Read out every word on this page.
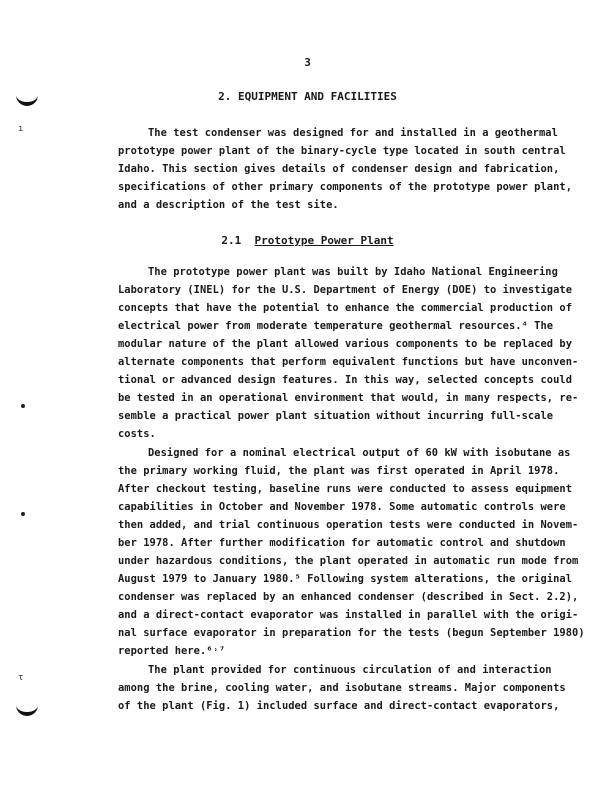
ı
τ
3
2. EQUIPMENT AND FACILITIES
The test condenser was designed for and installed in a geothermal
prototype power plant of the binary-cycle type located in south central
Idaho. This section gives details of condenser design and fabrication,
specifications of other primary components of the prototype power plant,
and a description of the test site.
2.1 Prototype Power Plant
The prototype power plant was built by Idaho National Engineering
Laboratory (INEL) for the U.S. Department of Energy (DOE) to investigate
concepts that have the potential to enhance the commercial production of
electrical power from moderate temperature geothermal resources.⁴ The
modular nature of the plant allowed various components to be replaced by
alternate components that perform equivalent functions but have unconven-
tional or advanced design features. In this way, selected concepts could
be tested in an operational environment that would, in many respects, re-
semble a practical power plant situation without incurring full-scale
costs.
Designed for a nominal electrical output of 60 kW with isobutane as
the primary working fluid, the plant was first operated in April 1978.
After checkout testing, baseline runs were conducted to assess equipment
capabilities in October and November 1978. Some automatic controls were
then added, and trial continuous operation tests were conducted in Novem-
ber 1978. After further modification for automatic control and shutdown
under hazardous conditions, the plant operated in automatic run mode from
August 1979 to January 1980.⁵ Following system alterations, the original
condenser was replaced by an enhanced condenser (described in Sect. 2.2),
and a direct-contact evaporator was installed in parallel with the origi-
nal surface evaporator in preparation for the tests (begun September 1980)
reported here.⁶˒⁷
The plant provided for continuous circulation of and interaction
among the brine, cooling water, and isobutane streams. Major components
of the plant (Fig. 1) included surface and direct-contact evaporators,
